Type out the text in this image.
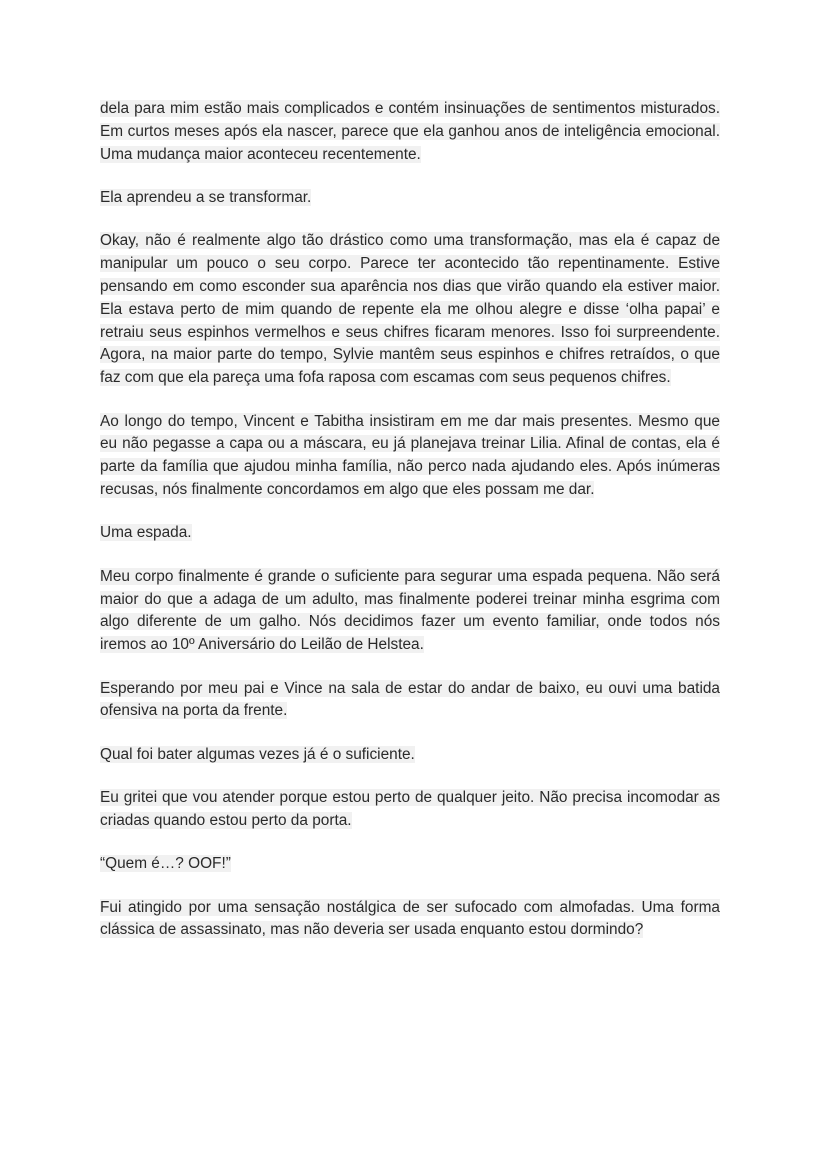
dela para mim estão mais complicados e contém insinuações de sentimentos misturados. Em curtos meses após ela nascer, parece que ela ganhou anos de inteligência emocional. Uma mudança maior aconteceu recentemente.

Ela aprendeu a se transformar.

Okay, não é realmente algo tão drástico como uma transformação, mas ela é capaz de manipular um pouco o seu corpo. Parece ter acontecido tão repentinamente. Estive pensando em como esconder sua aparência nos dias que virão quando ela estiver maior. Ela estava perto de mim quando de repente ela me olhou alegre e disse ‘olha papai’ e retraiu seus espinhos vermelhos e seus chifres ficaram menores. Isso foi surpreendente. Agora, na maior parte do tempo, Sylvie mantêm seus espinhos e chifres retraídos, o que faz com que ela pareça uma fofa raposa com escamas com seus pequenos chifres.

Ao longo do tempo, Vincent e Tabitha insistiram em me dar mais presentes. Mesmo que eu não pegasse a capa ou a máscara, eu já planejava treinar Lilia. Afinal de contas, ela é parte da família que ajudou minha família, não perco nada ajudando eles. Após inúmeras recusas, nós finalmente concordamos em algo que eles possam me dar.

Uma espada.

Meu corpo finalmente é grande o suficiente para segurar uma espada pequena. Não será maior do que a adaga de um adulto, mas finalmente poderei treinar minha esgrima com algo diferente de um galho. Nós decidimos fazer um evento familiar, onde todos nós iremos ao 10º Aniversário do Leilão de Helstea.

Esperando por meu pai e Vince na sala de estar do andar de baixo, eu ouvi uma batida ofensiva na porta da frente.

Qual foi bater algumas vezes já é o suficiente.

Eu gritei que vou atender porque estou perto de qualquer jeito. Não precisa incomodar as criadas quando estou perto da porta.

“Quem é…? OOF!”

Fui atingido por uma sensação nostálgica de ser sufocado com almofadas. Uma forma clássica de assassinato, mas não deveria ser usada enquanto estou dormindo?
